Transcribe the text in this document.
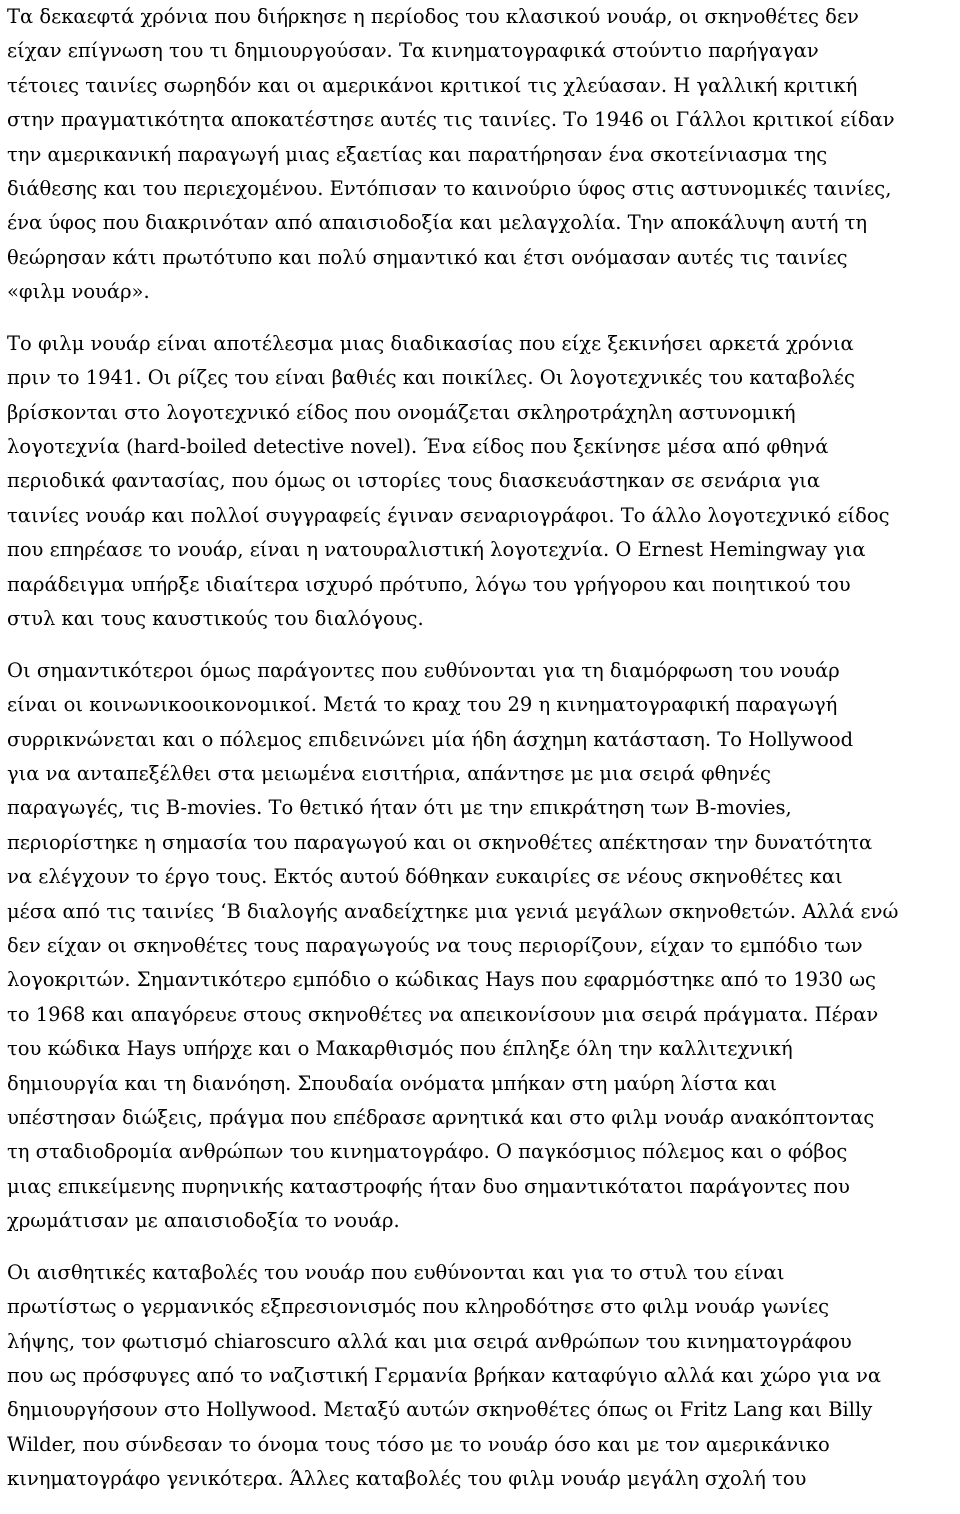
Τα δεκαεφτά χρόνια που διήρκησε η περίοδος του κλασικού νουάρ, οι σκηνοθέτες δεν
είχαν επίγνωση του τι δημιουργούσαν. Τα κινηματογραφικά στούντιο παρήγαγαν
τέτοιες ταινίες σωρηδόν και οι αμερικάνοι κριτικοί τις χλεύασαν. Η γαλλική κριτική
στην πραγματικότητα αποκατέστησε αυτές τις ταινίες. Το 1946 οι Γάλλοι κριτικοί είδαν
την αμερικανική παραγωγή μιας εξαετίας και παρατήρησαν ένα σκοτείνιασμα της
διάθεσης και του περιεχομένου. Εντόπισαν το καινούριο ύφος στις αστυνομικές ταινίες,
ένα ύφος που διακρινόταν από απαισιοδοξία και μελαγχολία. Την αποκάλυψη αυτή τη
θεώρησαν κάτι πρωτότυπο και πολύ σημαντικό και έτσι ονόμασαν αυτές τις ταινίες
«φιλμ νουάρ».
Το φιλμ νουάρ είναι αποτέλεσμα μιας διαδικασίας που είχε ξεκινήσει αρκετά χρόνια
πριν το 1941. Οι ρίζες του είναι βαθιές και ποικίλες. Οι λογοτεχνικές του καταβολές
βρίσκονται στο λογοτεχνικό είδος που ονομάζεται σκληροτράχηλη αστυνομική
λογοτεχνία (hard-boiled detective novel). Ένα είδος που ξεκίνησε μέσα από φθηνά
περιοδικά φαντασίας, που όμως οι ιστορίες τους διασκευάστηκαν σε σενάρια για
ταινίες νουάρ και πολλοί συγγραφείς έγιναν σεναριογράφοι. Το άλλο λογοτεχνικό είδος
που επηρέασε το νουάρ, είναι η νατουραλιστική λογοτεχνία. Ο Ernest Hemingway για
παράδειγμα υπήρξε ιδιαίτερα ισχυρό πρότυπο, λόγω του γρήγορου και ποιητικού του
στυλ και τους καυστικούς του διαλόγους.
Οι σημαντικότεροι όμως παράγοντες που ευθύνονται για τη διαμόρφωση του νουάρ
είναι οι κοινωνικοοικονομικοί. Μετά το κραχ του 29 η κινηματογραφική παραγωγή
συρρικνώνεται και ο πόλεμος επιδεινώνει μία ήδη άσχημη κατάσταση. Το Hollywood
για να ανταπεξέλθει στα μειωμένα εισιτήρια, απάντησε με μια σειρά φθηνές
παραγωγές, τις B-movies. Το θετικό ήταν ότι με την επικράτηση των B-movies,
περιορίστηκε η σημασία του παραγωγού και οι σκηνοθέτες απέκτησαν την δυνατότητα
να ελέγχουν το έργο τους. Εκτός αυτού δόθηκαν ευκαιρίες σε νέους σκηνοθέτες και
μέσα από τις ταινίες ‘Β διαλογής αναδείχτηκε μια γενιά μεγάλων σκηνοθετών. Αλλά ενώ
δεν είχαν οι σκηνοθέτες τους παραγωγούς να τους περιορίζουν, είχαν το εμπόδιο των
λογοκριτών. Σημαντικότερο εμπόδιο ο κώδικας Hays που εφαρμόστηκε από το 1930 ως
το 1968 και απαγόρευε στους σκηνοθέτες να απεικονίσουν μια σειρά πράγματα. Πέραν
του κώδικα Hays υπήρχε και ο Μακαρθισμός που έπληξε όλη την καλλιτεχνική
δημιουργία και τη διανόηση. Σπουδαία ονόματα μπήκαν στη μαύρη λίστα και
υπέστησαν διώξεις, πράγμα που επέδρασε αρνητικά και στο φιλμ νουάρ ανακόπτοντας
τη σταδιοδρομία ανθρώπων του κινηματογράφο. Ο παγκόσμιος πόλεμος και ο φόβος
μιας επικείμενης πυρηνικής καταστροφής ήταν δυο σημαντικότατοι παράγοντες που
χρωμάτισαν με απαισιοδοξία το νουάρ.
Οι αισθητικές καταβολές του νουάρ που ευθύνονται και για το στυλ του είναι
πρωτίστως ο γερμανικός εξπρεσιονισμός που κληροδότησε στο φιλμ νουάρ γωνίες
λήψης, τον φωτισμό chiaroscuro αλλά και μια σειρά ανθρώπων του κινηματογράφου
που ως πρόσφυγες από το ναζιστική Γερμανία βρήκαν καταφύγιο αλλά και χώρο για να
δημιουργήσουν στο Hollywood. Μεταξύ αυτών σκηνοθέτες όπως οι Fritz Lang και Billy
Wilder, που σύνδεσαν το όνομα τους τόσο με το νουάρ όσο και με τον αμερικάνικο
κινηματογράφο γενικότερα. Άλλες καταβολές του φιλμ νουάρ μεγάλη σχολή του
